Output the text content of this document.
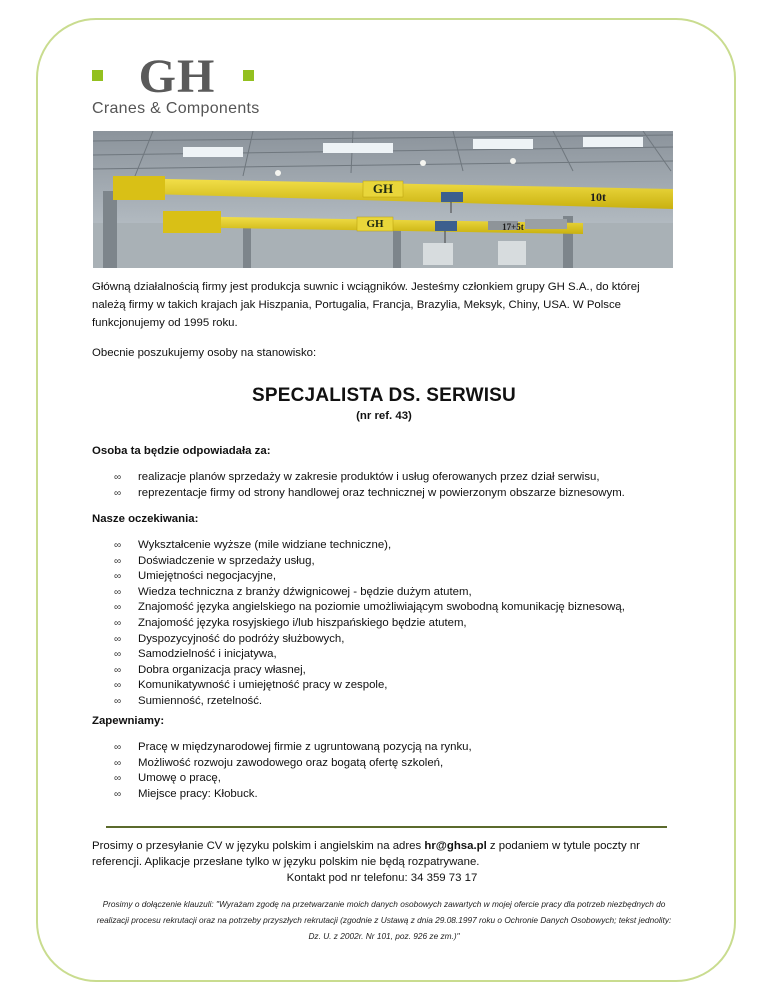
GH
Cranes & Components
GH
10t
GH	17+5t
Główną działalnością firmy jest produkcja suwnic i wciągników. Jesteśmy członkiem grupy GH S.A., do której należą firmy w takich krajach jak Hiszpania, Portugalia, Francja, Brazylia, Meksyk, Chiny, USA. W Polsce funkcjonujemy od 1995 roku.
Obecnie poszukujemy osoby na stanowisko:
SPECJALISTA DS. SERWISU
(nr ref. 43)
Osoba ta będzie odpowiadała za:
∞ realizacje planów sprzedaży w zakresie produktów i usług oferowanych przez dział serwisu,
∞ reprezentacje firmy od strony handlowej oraz technicznej w powierzonym obszarze biznesowym.
Nasze oczekiwania:
∞ Wykształcenie wyższe (mile widziane techniczne),
∞ Doświadczenie w sprzedaży usług,
∞ Umiejętności negocjacyjne,
∞ Wiedza techniczna z branży dźwignicowej - będzie dużym atutem,
∞ Znajomość języka angielskiego na poziomie umożliwiającym swobodną komunikację biznesową,
∞ Znajomość języka rosyjskiego i/lub hiszpańskiego będzie atutem,
∞ Dyspozycyjność do podróży służbowych,
∞ Samodzielność i inicjatywa,
∞ Dobra organizacja pracy własnej,
∞ Komunikatywność i umiejętność pracy w zespole,
∞ Sumienność, rzetelność.
Zapewniamy:
∞ Pracę w międzynarodowej firmie z ugruntowaną pozycją na rynku,
∞ Możliwość rozwoju zawodowego oraz bogatą ofertę szkoleń,
∞ Umowę o pracę,
∞ Miejsce pracy: Kłobuck.
Prosimy o przesyłanie CV w języku polskim i angielskim na adres hr@ghsa.pl z podaniem w tytule poczty nr referencji. Aplikacje przesłane tylko w języku polskim nie będą rozpatrywane.
Kontakt pod nr telefonu: 34 359 73 17
Prosimy o dołączenie klauzuli: "Wyrażam zgodę na przetwarzanie moich danych osobowych zawartych w mojej ofercie pracy dla potrzeb niezbędnych do realizacji procesu rekrutacji oraz na potrzeby przyszłych rekrutacji (zgodnie z Ustawą z dnia 29.08.1997 roku o Ochronie Danych Osobowych; tekst jednolity: Dz. U. z 2002r. Nr 101, poz. 926 ze zm.)"
